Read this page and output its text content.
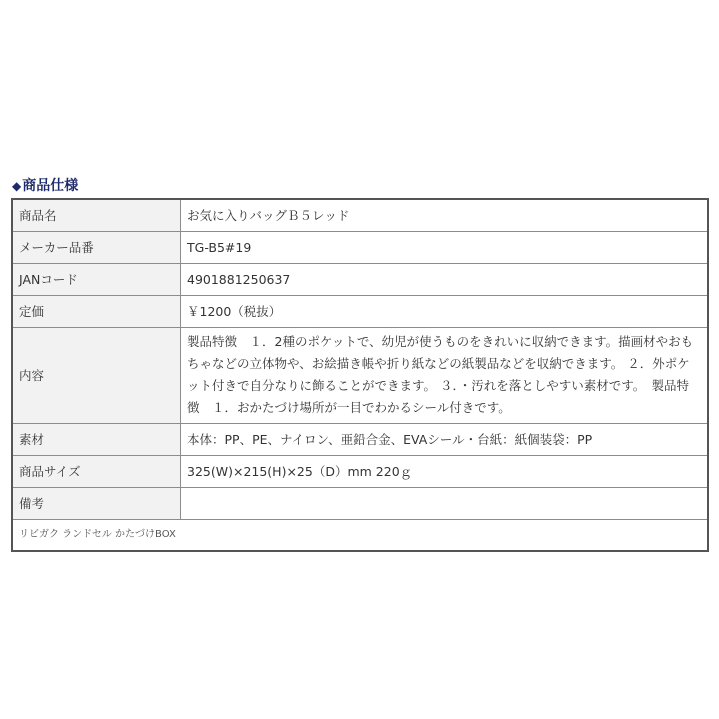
◆商品仕様
商品名	お気に入りバッグＢ５レッド
メーカー品番	TG-B5#19
JANコード	4901881250637
定価	￥1200（税抜）
内容	製品特徴　１．2種のポケットで、幼児が使うものをきれいに収納できます。描画材やおもちゃなどの立体物や、お絵描き帳や折り紙などの紙製品などを収納できます。 ２．外ポケット付きで自分なりに飾ることができます。 ３．・汚れを落としやすい素材です。　製品特徴　１．おかたづけ場所が一目でわかるシール付きです。
素材	本体：PP、PE、ナイロン、亜鉛合金、EVAシール・台紙：紙個装袋：PP
商品サイズ	325(W)×215(H)×25（D）mm 220ｇ
備考	
リビガク ランドセル かたづけBOX	
